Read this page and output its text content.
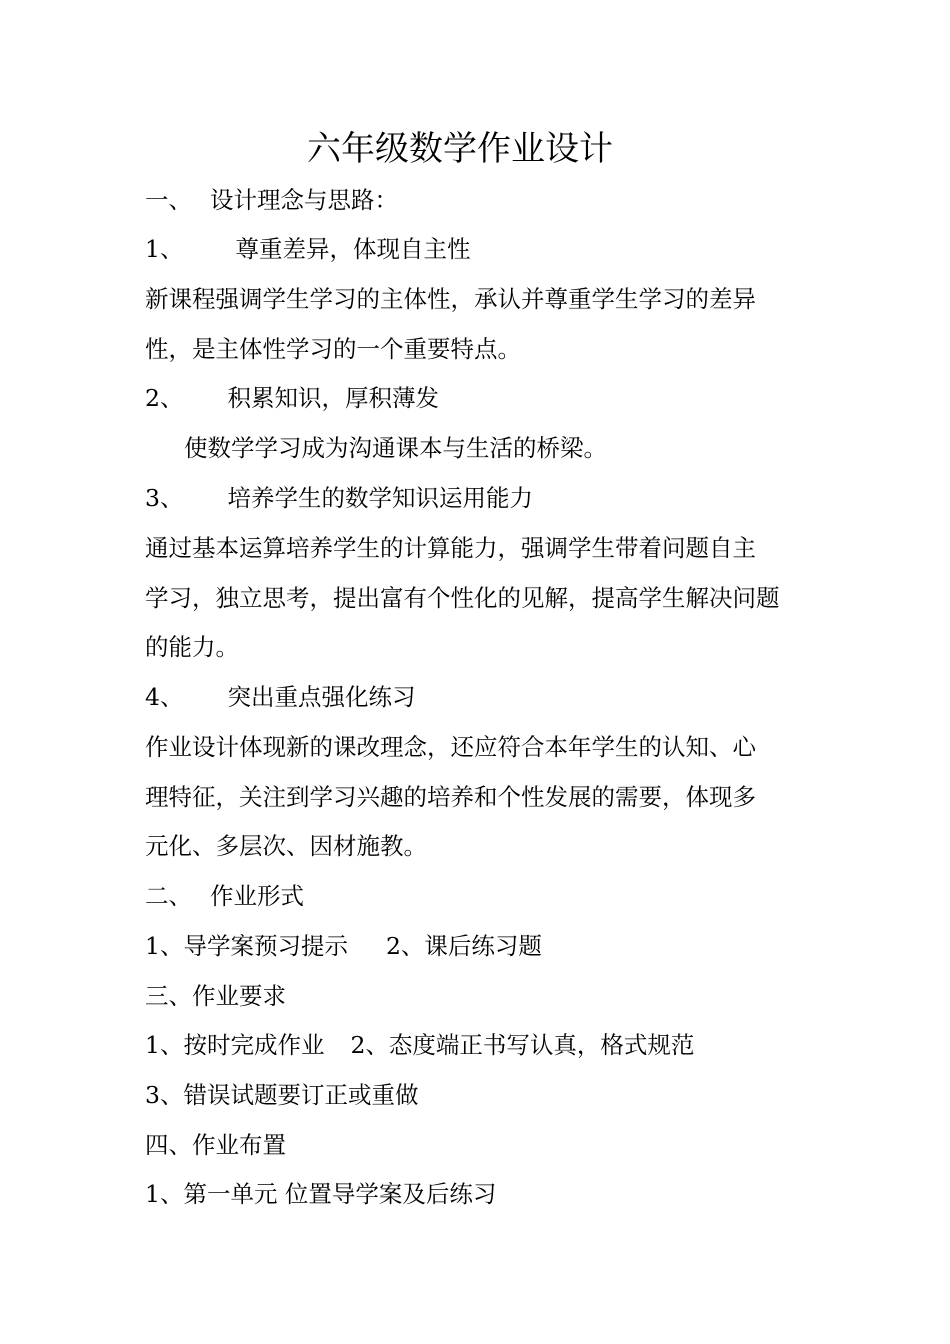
六年级数学作业设计
一、 设计理念与思路：
1、 尊重差异，体现自主性
新课程强调学生学习的主体性，承认并尊重学生学习的差异
性，是主体性学习的一个重要特点。
2、 积累知识，厚积薄发
使数学学习成为沟通课本与生活的桥梁。
3、 培养学生的数学知识运用能力
通过基本运算培养学生的计算能力，强调学生带着问题自主
学习，独立思考，提出富有个性化的见解，提高学生解决问题
的能力。
4、 突出重点强化练习
作业设计体现新的课改理念，还应符合本年学生的认知、心
理特征，关注到学习兴趣的培养和个性发展的需要，体现多
元化、多层次、因材施教。
二、 作业形式
1、导学案预习提示 2、课后练习题
三、作业要求
1、按时完成作业 2、态度端正书写认真，格式规范
3、错误试题要订正或重做
四、作业布置
1、第一单元 位置导学案及后练习
